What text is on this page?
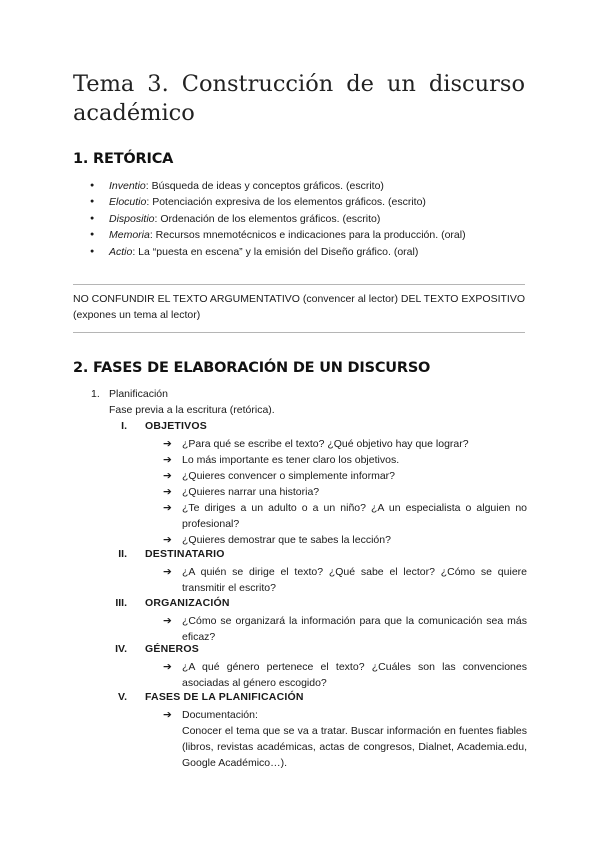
Tema 3. Construcción de un discurso académico
1. RETÓRICA
● Inventio: Búsqueda de ideas y conceptos gráficos. (escrito)
● Elocutio: Potenciación expresiva de los elementos gráficos. (escrito)
● Dispositio: Ordenación de los elementos gráficos. (escrito)
● Memoria: Recursos mnemotécnicos e indicaciones para la producción. (oral)
● Actio: La “puesta en escena” y la emisión del Diseño gráfico. (oral)
NO CONFUNDIR EL TEXTO ARGUMENTATIVO (convencer al lector) DEL TEXTO EXPOSITIVO (expones un tema al lector)
2. FASES DE ELABORACIÓN DE UN DISCURSO
1. Planificación
Fase previa a la escritura (retórica).
I. OBJETIVOS
➔ ¿Para qué se escribe el texto? ¿Qué objetivo hay que lograr?
➔ Lo más importante es tener claro los objetivos.
➔ ¿Quieres convencer o simplemente informar?
➔ ¿Quieres narrar una historia?
➔ ¿Te diriges a un adulto o a un niño? ¿A un especialista o alguien no profesional?
➔ ¿Quieres demostrar que te sabes la lección?
II. DESTINATARIO
➔ ¿A quién se dirige el texto? ¿Qué sabe el lector? ¿Cómo se quiere transmitir el escrito?
III. ORGANIZACIÓN
➔ ¿Cómo se organizará la información para que la comunicación sea más eficaz?
IV. GÉNEROS
➔ ¿A qué género pertenece el texto? ¿Cuáles son las convenciones asociadas al género escogido?
V. FASES DE LA PLANIFICACIÓN
➔ Documentación:
Conocer el tema que se va a tratar. Buscar información en fuentes fiables (libros, revistas académicas, actas de congresos, Dialnet, Academia.edu, Google Académico…).
